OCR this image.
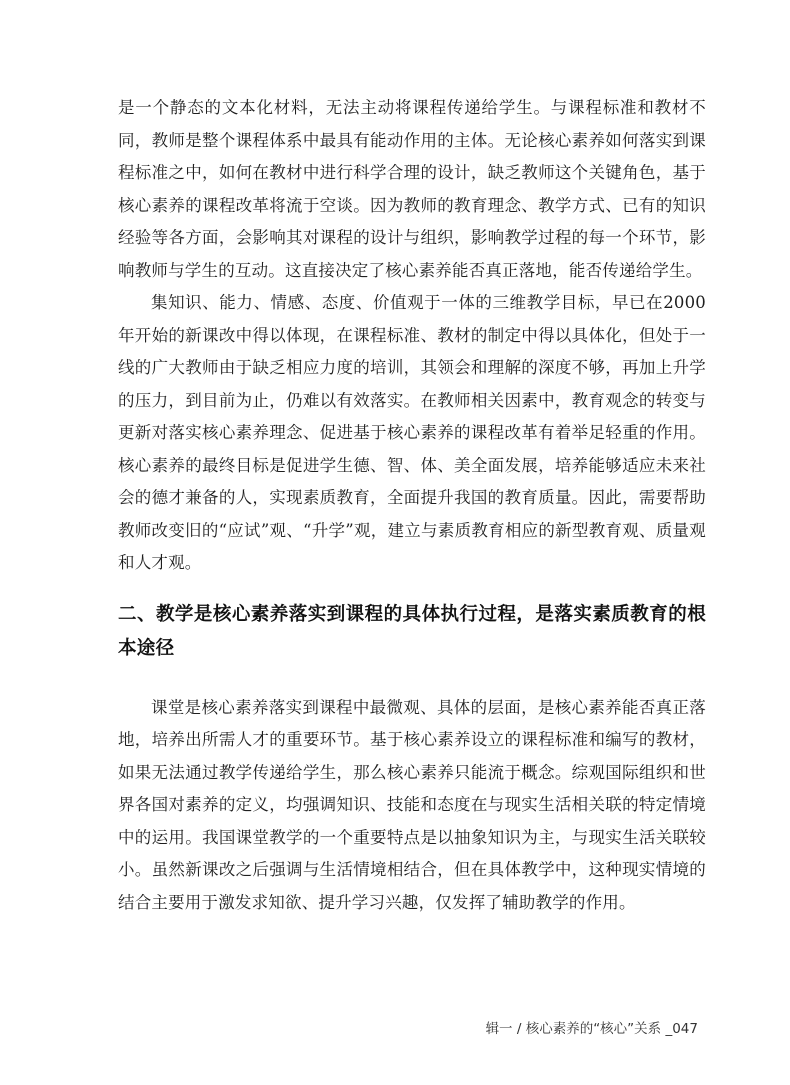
是一个静态的文本化材料，无法主动将课程传递给学生。与课程标准和教材不同，教师是整个课程体系中最具有能动作用的主体。无论核心素养如何落实到课程标准之中，如何在教材中进行科学合理的设计，缺乏教师这个关键角色，基于核心素养的课程改革将流于空谈。因为教师的教育理念、教学方式、已有的知识经验等各方面，会影响其对课程的设计与组织，影响教学过程的每一个环节，影响教师与学生的互动。这直接决定了核心素养能否真正落地，能否传递给学生。

集知识、能力、情感、态度、价值观于一体的三维教学目标，早已在2000年开始的新课改中得以体现，在课程标准、教材的制定中得以具体化，但处于一线的广大教师由于缺乏相应力度的培训，其领会和理解的深度不够，再加上升学的压力，到目前为止，仍难以有效落实。在教师相关因素中，教育观念的转变与更新对落实核心素养理念、促进基于核心素养的课程改革有着举足轻重的作用。核心素养的最终目标是促进学生德、智、体、美全面发展，培养能够适应未来社会的德才兼备的人，实现素质教育，全面提升我国的教育质量。因此，需要帮助教师改变旧的“应试”观、“升学”观，建立与素质教育相应的新型教育观、质量观和人才观。

二、教学是核心素养落实到课程的具体执行过程，是落实素质教育的根本途径

课堂是核心素养落实到课程中最微观、具体的层面，是核心素养能否真正落地，培养出所需人才的重要环节。基于核心素养设立的课程标准和编写的教材，如果无法通过教学传递给学生，那么核心素养只能流于概念。综观国际组织和世界各国对素养的定义，均强调知识、技能和态度在与现实生活相关联的特定情境中的运用。我国课堂教学的一个重要特点是以抽象知识为主，与现实生活关联较小。虽然新课改之后强调与生活情境相结合，但在具体教学中，这种现实情境的结合主要用于激发求知欲、提升学习兴趣，仅发挥了辅助教学的作用。

辑一 / 核心素养的“核心”关系 _047
